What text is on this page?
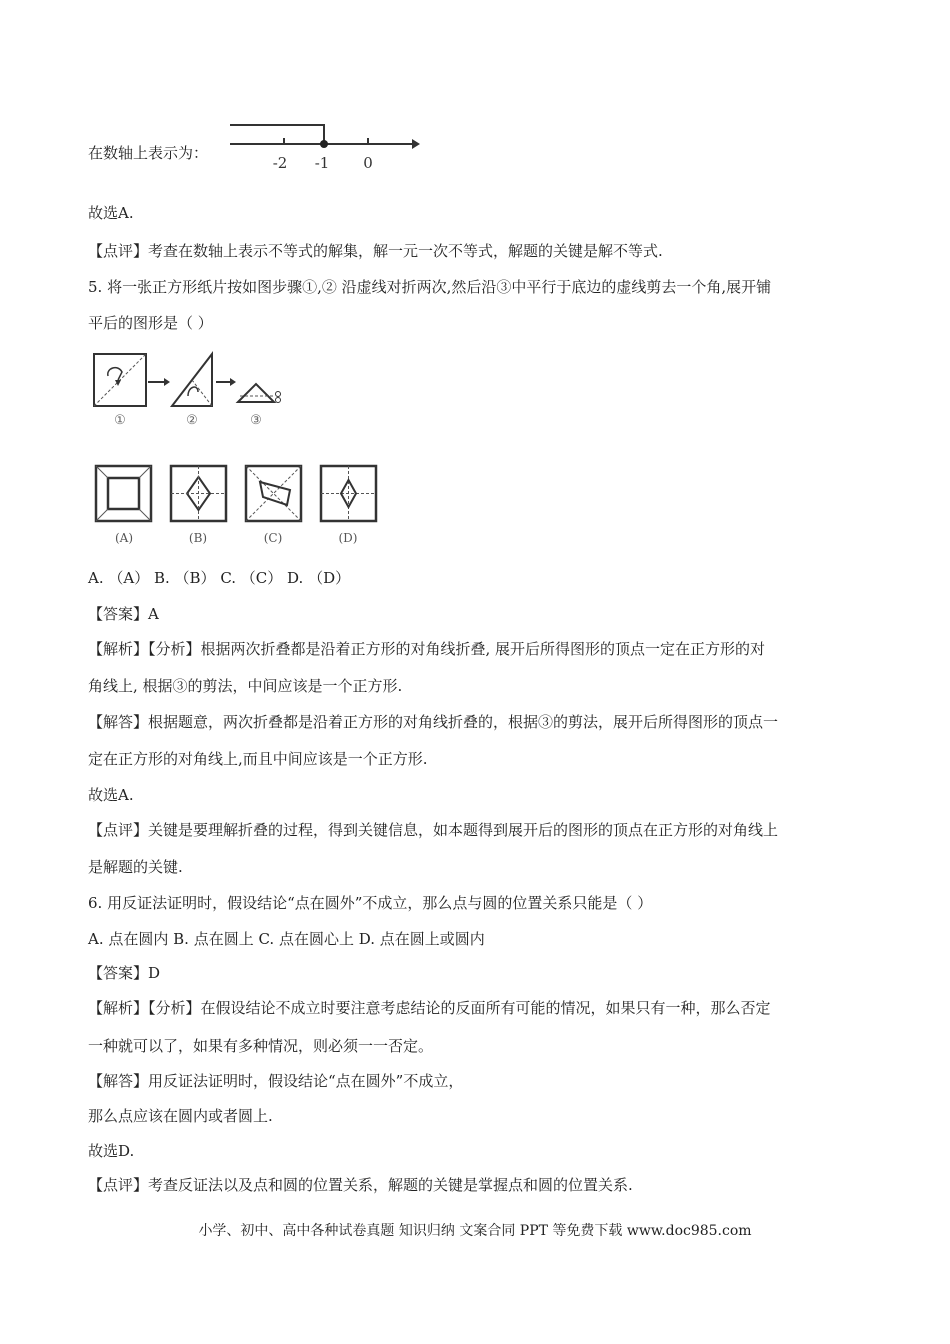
在数轴上表示为：
-2 -1 0
故选A.
【点评】考查在数轴上表示不等式的解集，解一元一次不等式，解题的关键是解不等式.
5. 将一张正方形纸片按如图步骤①,② 沿虚线对折两次,然后沿③中平行于底边的虚线剪去一个角,展开铺
平后的图形是（ ）
①	②	③
(A)	(B)	(C)	(D)
A. （A） B. （B） C. （C） D. （D）
【答案】A
【解析】【分析】根据两次折叠都是沿着正方形的对角线折叠, 展开后所得图形的顶点一定在正方形的对
角线上, 根据③的剪法，中间应该是一个正方形.
【解答】根据题意，两次折叠都是沿着正方形的对角线折叠的，根据③的剪法，展开后所得图形的顶点一
定在正方形的对角线上,而且中间应该是一个正方形.
故选A.
【点评】关键是要理解折叠的过程，得到关键信息，如本题得到展开后的图形的顶点在正方形的对角线上
是解题的关键.
6. 用反证法证明时，假设结论“点在圆外”不成立，那么点与圆的位置关系只能是（ ）
A. 点在圆内 B. 点在圆上 C. 点在圆心上 D. 点在圆上或圆内
【答案】D
【解析】【分析】在假设结论不成立时要注意考虑结论的反面所有可能的情况，如果只有一种，那么否定
一种就可以了，如果有多种情况，则必须一一否定。
【解答】用反证法证明时，假设结论“点在圆外”不成立，
那么点应该在圆内或者圆上.
故选D.
【点评】考查反证法以及点和圆的位置关系，解题的关键是掌握点和圆的位置关系.
小学、初中、高中各种试卷真题 知识归纳 文案合同 PPT 等免费下载 www.doc985.com
